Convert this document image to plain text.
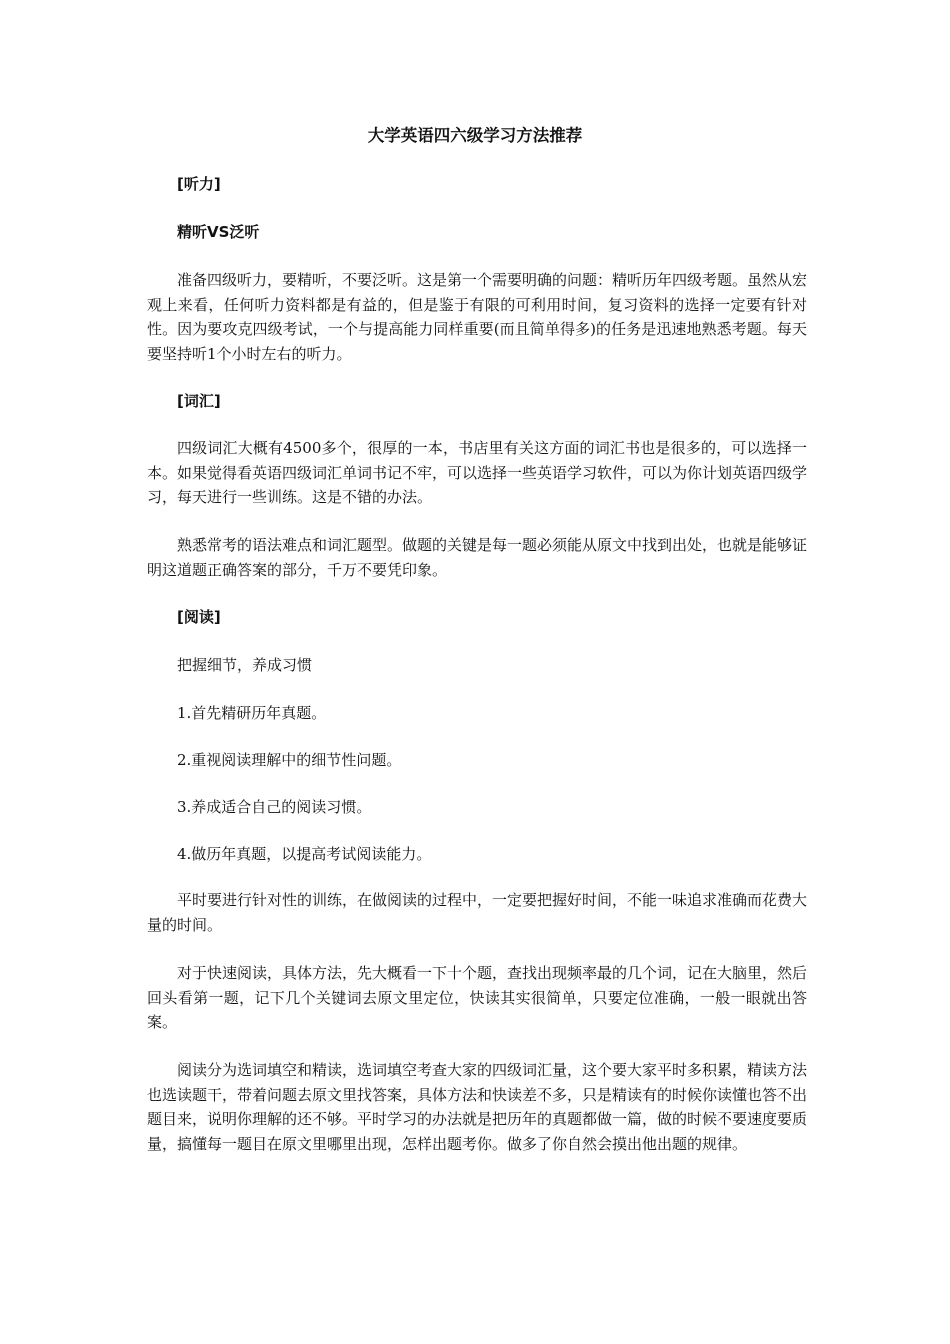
大学英语四六级学习方法推荐

[听力]

精听VS泛听

准备四级听力，要精听，不要泛听。这是第一个需要明确的问题：精听历年四级考题。虽然从宏观上来看，任何听力资料都是有益的，但是鉴于有限的可利用时间，复习资料的选择一定要有针对性。因为要攻克四级考试，一个与提高能力同样重要(而且简单得多)的任务是迅速地熟悉考题。每天要坚持听1个小时左右的听力。

[词汇]

四级词汇大概有4500多个，很厚的一本，书店里有关这方面的词汇书也是很多的，可以选择一本。如果觉得看英语四级词汇单词书记不牢，可以选择一些英语学习软件，可以为你计划英语四级学习，每天进行一些训练。这是不错的办法。

熟悉常考的语法难点和词汇题型。做题的关键是每一题必须能从原文中找到出处，也就是能够证明这道题正确答案的部分，千万不要凭印象。

[阅读]

把握细节，养成习惯

1.首先精研历年真题。

2.重视阅读理解中的细节性问题。

3.养成适合自己的阅读习惯。

4.做历年真题，以提高考试阅读能力。

平时要进行针对性的训练，在做阅读的过程中，一定要把握好时间，不能一味追求准确而花费大量的时间。

对于快速阅读，具体方法，先大概看一下十个题，查找出现频率最的几个词，记在大脑里，然后回头看第一题，记下几个关键词去原文里定位，快读其实很简单，只要定位准确，一般一眼就出答案。

阅读分为选词填空和精读，选词填空考查大家的四级词汇量，这个要大家平时多积累，精读方法也选读题干，带着问题去原文里找答案，具体方法和快读差不多，只是精读有的时候你读懂也答不出题目来，说明你理解的还不够。平时学习的办法就是把历年的真题都做一篇，做的时候不要速度要质量，搞懂每一题目在原文里哪里出现，怎样出题考你。做多了你自然会摸出他出题的规律。
